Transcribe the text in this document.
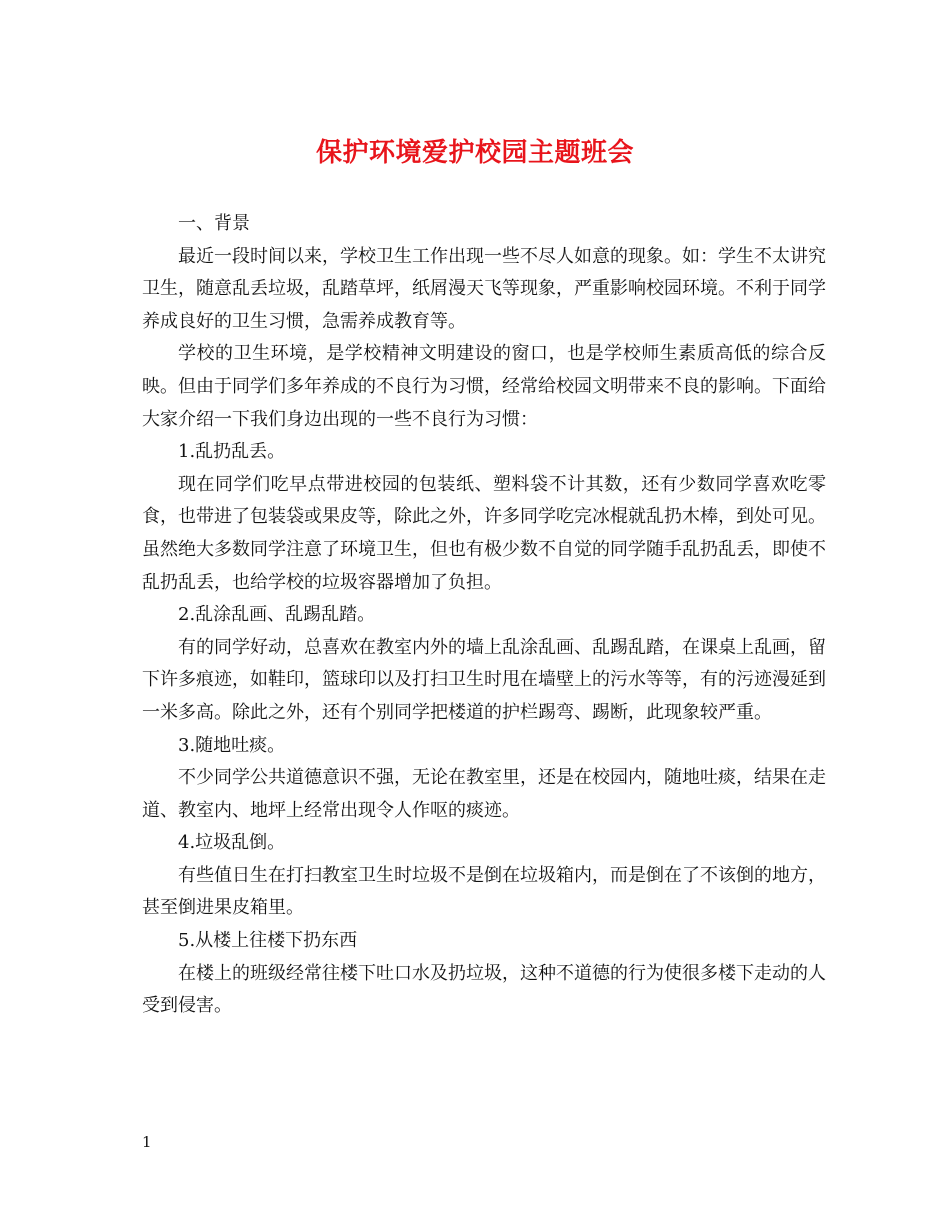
保护环境爱护校园主题班会

一、背景

最近一段时间以来，学校卫生工作出现一些不尽人如意的现象。如：学生不太讲究卫生，随意乱丢垃圾，乱踏草坪，纸屑漫天飞等现象，严重影响校园环境。不利于同学养成良好的卫生习惯，急需养成教育等。

学校的卫生环境，是学校精神文明建设的窗口，也是学校师生素质高低的综合反映。但由于同学们多年养成的不良行为习惯，经常给校园文明带来不良的影响。下面给大家介绍一下我们身边出现的一些不良行为习惯：

1.乱扔乱丢。

现在同学们吃早点带进校园的包装纸、塑料袋不计其数，还有少数同学喜欢吃零食，也带进了包装袋或果皮等，除此之外，许多同学吃完冰棍就乱扔木棒，到处可见。虽然绝大多数同学注意了环境卫生，但也有极少数不自觉的同学随手乱扔乱丢，即使不乱扔乱丢，也给学校的垃圾容器增加了负担。

2.乱涂乱画、乱踢乱踏。

有的同学好动，总喜欢在教室内外的墙上乱涂乱画、乱踢乱踏，在课桌上乱画，留下许多痕迹，如鞋印，篮球印以及打扫卫生时甩在墙壁上的污水等等，有的污迹漫延到一米多高。除此之外，还有个别同学把楼道的护栏踢弯、踢断，此现象较严重。

3.随地吐痰。

不少同学公共道德意识不强，无论在教室里，还是在校园内，随地吐痰，结果在走道、教室内、地坪上经常出现令人作呕的痰迹。

4.垃圾乱倒。

有些值日生在打扫教室卫生时垃圾不是倒在垃圾箱内，而是倒在了不该倒的地方，甚至倒进果皮箱里。

5.从楼上往楼下扔东西

在楼上的班级经常往楼下吐口水及扔垃圾，这种不道德的行为使很多楼下走动的人受到侵害。

1
